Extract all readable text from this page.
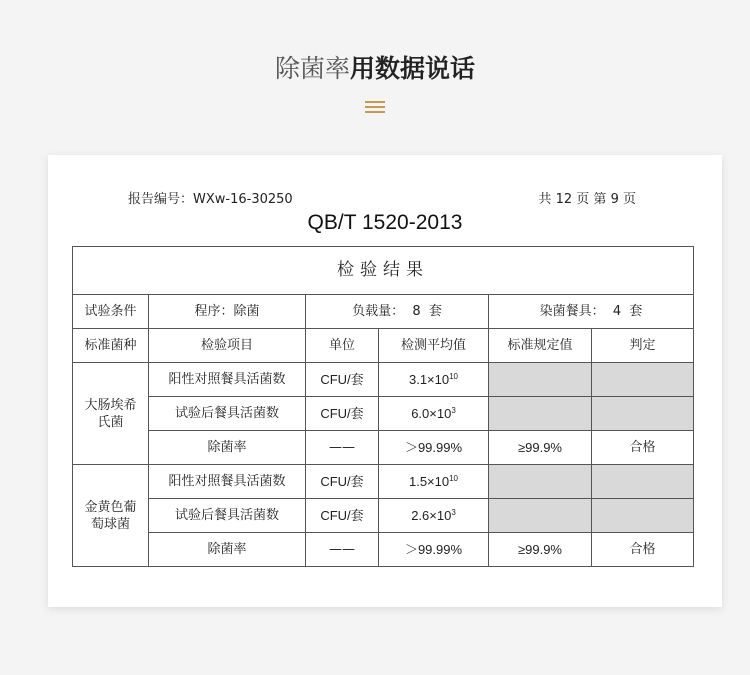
除菌率用数据说话
报告编号：WXw-16-30250	共 12 页 第 9 页
QB/T 1520-2013
检验结果					
试验条件	程序：除菌	负载量：  8  套		染菌餐具：  4  套	
标准菌种	检验项目	单位	检测平均值	标准规定值	判定
大肠埃希氏菌	阳性对照餐具活菌数	CFU/套	$3.1\times 10^{10}$		
	试验后餐具活菌数	CFU/套	$6.0\times 10^3$		
	除菌率	——	＞99.99%	≥99.9%	合格
金黄色葡萄球菌	阳性对照餐具活菌数	CFU/套	$1.5\times 10^{10}$		
	试验后餐具活菌数	CFU/套	$2.6\times 10^3$		
	除菌率	——	＞99.99%	≥99.9%	合格
